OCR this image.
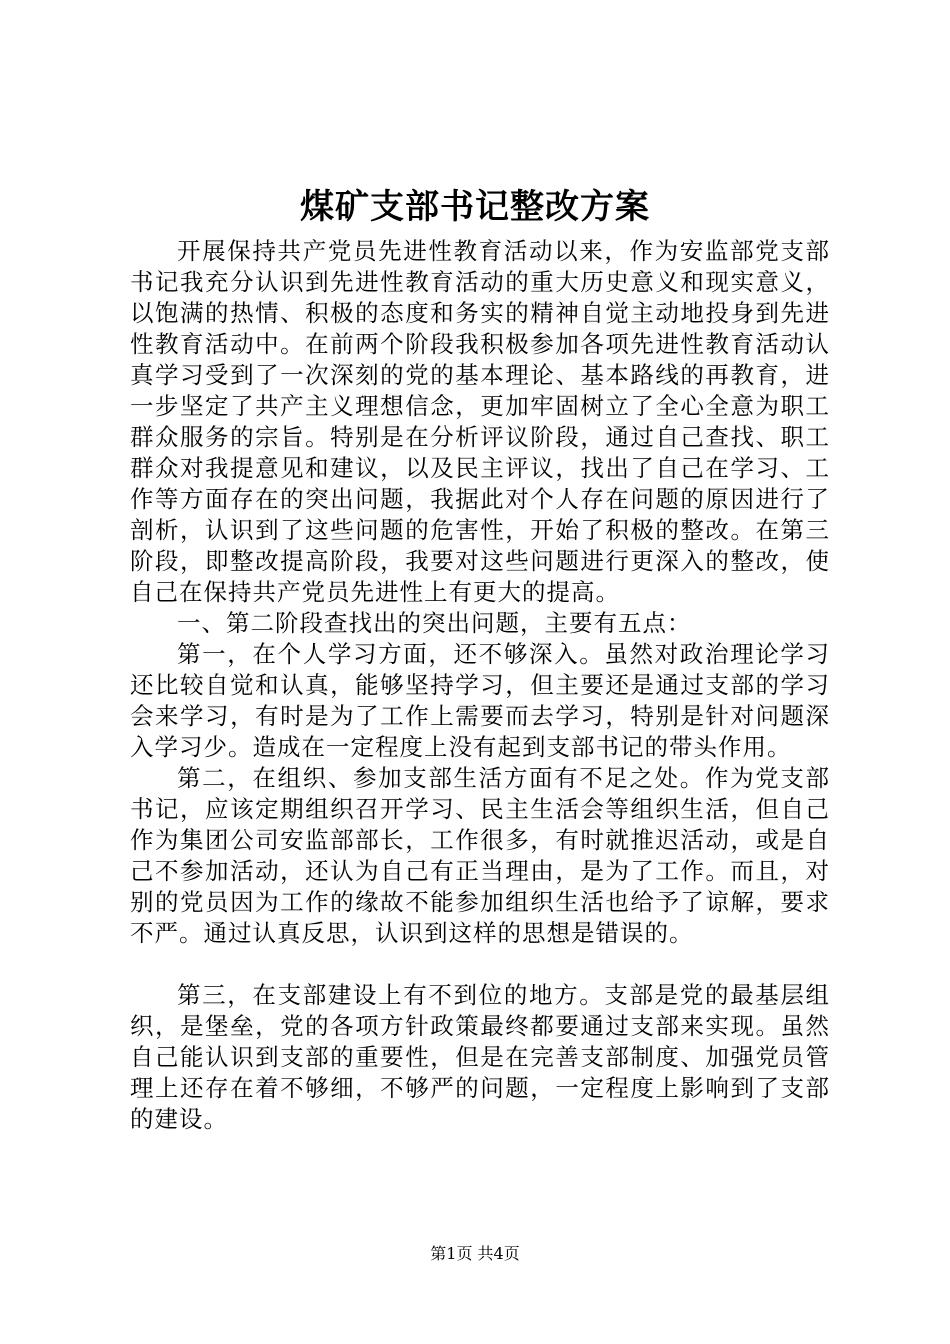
煤矿支部书记整改方案

开展保持共产党员先进性教育活动以来，作为安监部党支部书记我充分认识到先进性教育活动的重大历史意义和现实意义，以饱满的热情、积极的态度和务实的精神自觉主动地投身到先进性教育活动中。在前两个阶段我积极参加各项先进性教育活动认真学习受到了一次深刻的党的基本理论、基本路线的再教育，进一步坚定了共产主义理想信念，更加牢固树立了全心全意为职工群众服务的宗旨。特别是在分析评议阶段，通过自己查找、职工群众对我提意见和建议，以及民主评议，找出了自己在学习、工作等方面存在的突出问题，我据此对个人存在问题的原因进行了剖析，认识到了这些问题的危害性，开始了积极的整改。在第三阶段，即整改提高阶段，我要对这些问题进行更深入的整改，使自己在保持共产党员先进性上有更大的提高。

一、第二阶段查找出的突出问题，主要有五点：

第一，在个人学习方面，还不够深入。虽然对政治理论学习还比较自觉和认真，能够坚持学习，但主要还是通过支部的学习会来学习，有时是为了工作上需要而去学习，特别是针对问题深入学习少。造成在一定程度上没有起到支部书记的带头作用。

第二，在组织、参加支部生活方面有不足之处。作为党支部书记，应该定期组织召开学习、民主生活会等组织生活，但自己作为集团公司安监部部长，工作很多，有时就推迟活动，或是自己不参加活动，还认为自己有正当理由，是为了工作。而且，对别的党员因为工作的缘故不能参加组织生活也给予了谅解，要求不严。通过认真反思，认识到这样的思想是错误的。

第三，在支部建设上有不到位的地方。支部是党的最基层组织，是堡垒，党的各项方针政策最终都要通过支部来实现。虽然自己能认识到支部的重要性，但是在完善支部制度、加强党员管理上还存在着不够细，不够严的问题，一定程度上影响到了支部的建设。

第1页 共4页
